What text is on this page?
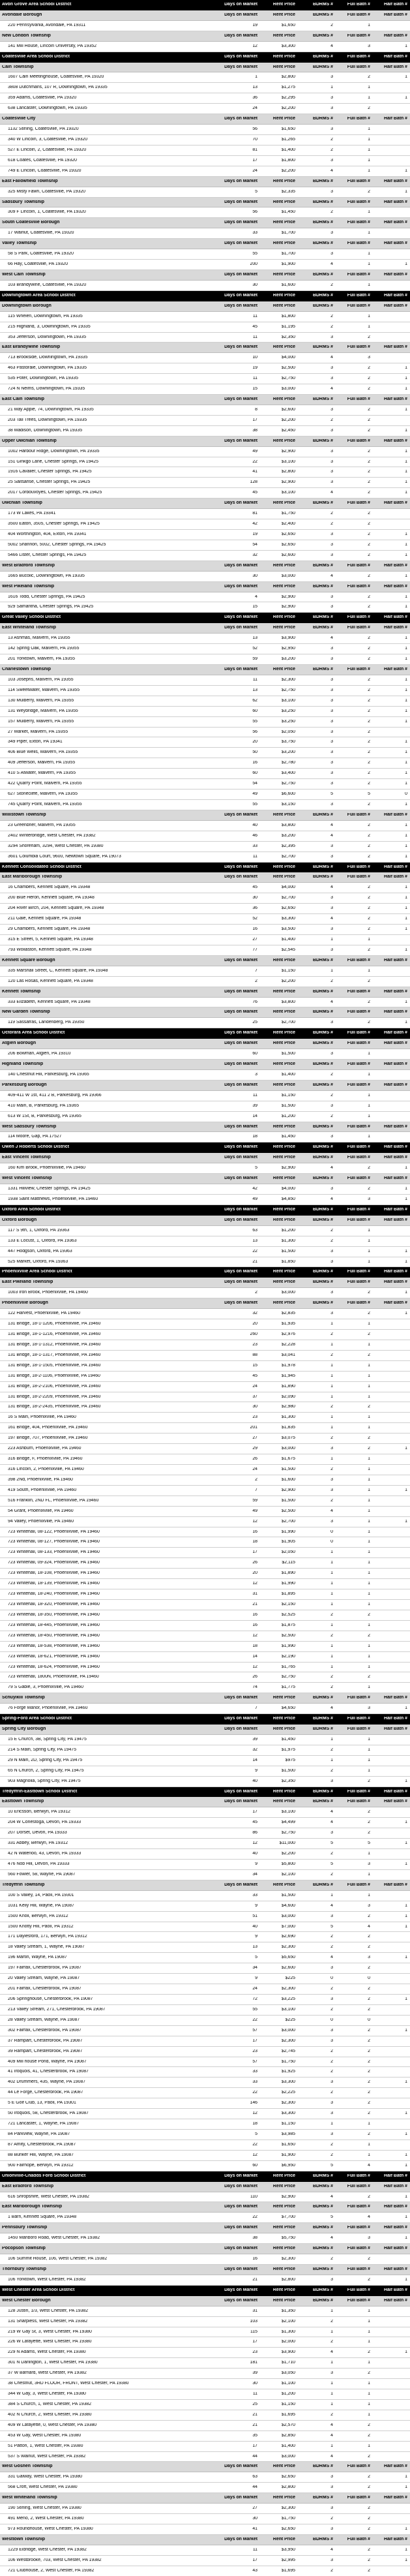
Avon Grove Area School District	Days on Market	Rent Price	BDRMS #	Full Bath #	Half Bath #
Avondale Borough	Days on Market	Rent Price	BDRMS #	Full Bath #	Half Bath #
220 Pennsylvania, Avondale, PA 19311	19	$1,650	2	1
New London Township	Days on Market	Rent Price	BDRMS #	Full Bath #	Half Bath #
141 Mill House, Lincoln University, PA 19352	12	$3,300	4	3	1
Coatesville Area School District	Days on Market	Rent Price	BDRMS #	Full Bath #	Half Bath #
Caln Township	Days on Market	Rent Price	BDRMS #	Full Bath #	Half Bath #
1607 Caln Meetinghouse, Coatesville, PA 19320	1	$2,800	3	2	1
3808 Dutchmans, 107 R, Downingtown, PA 19335	13	$1,275	1	1
359 Adams, Coatesville, PA 19320	36	$2,295	3	1	1
638 Lancaster, Downingtown, PA 19335	24	$2,200	3	2
Coatesville City	Days on Market	Rent Price	BDRMS #	Full Bath #	Half Bath #
1132 Stirling, Coatesville, PA 19320	56	$1,650	3	1
340 W Lincoln, 3, Coatesville, PA 19320	70	$1,265	2	1
527 E Lincoln, 2, Coatesville, PA 19320	81	$1,400	2	1
618 Coates, Coatesville, PA 19320	17	$1,800	3	1
749 E Lincoln, Coatesville, PA 19320	24	$2,200	4	1	1
East Fallowfield Township	Days on Market	Rent Price	BDRMS #	Full Bath #	Half Bath #
325 Misty Fawn, Coatesville, PA 19320	5	$2,335	3	2	1
Sadsbury Township	Days on Market	Rent Price	BDRMS #	Full Bath #	Half Bath #
309 F Lincoln, 1, Coatesville, PA 19320	56	$1,450	2	1
South Coatesville Borough	Days on Market	Rent Price	BDRMS #	Full Bath #	Half Bath #
17 Walnut, Coatesville, PA 19320	33	$1,700	3	1
Valley Township	Days on Market	Rent Price	BDRMS #	Full Bath #	Half Bath #
58 S Park, Coatesville, PA 19320	55	$1,700	3	1
66 Hay, Coatesville, PA 19320	200	$1,900	4	1	1
West Caln Township	Days on Market	Rent Price	BDRMS #	Full Bath #	Half Bath #
103 Brandywine, Coatesville, PA 19320	30	$1,600	2	1
Downingtown Area School District	Days on Market	Rent Price	BDRMS #	Full Bath #	Half Bath #
Downingtown Borough	Days on Market	Rent Price	BDRMS #	Full Bath #	Half Bath #
115 Whelen, Downingtown, PA 19335	11	$1,800	2	1
215 Highland, 3, Downingtown, PA 19335	45	$1,195	2	1
353 Jefferson, Downingtown, PA 19335	11	$2,350	3	2
East Brandywine Township	Days on Market	Rent Price	BDRMS #	Full Bath #	Half Bath #
713 Brookside, Downingtown, PA 19335	10	$4,000	4	3
463 Pastorale, Downingtown, PA 19335	19	$2,500	3	2	1
535 Poter, Downingtown, PA 19335	11	$2,750	3	2	1
724 N Nelms, Downingtown, PA 19335	15	$3,000	4	2	1
East Caln Township	Days on Market	Rent Price	BDRMS #	Full Bath #	Half Bath #
21 May Apple, 74, Downingtown, PA 19335	8	$2,600	3	2	1
203 Tall Trees, Downingtown, PA 19335	17	$2,200	2	2
38 Madison, Downingtown, PA 19335	38	$2,450	3	2	1
Upper Uwchlan Township	Days on Market	Rent Price	BDRMS #	Full Bath #	Half Bath #
1002 Harbour Ridge, Downingtown, PA 19335	49	$2,900	3	2	1
151 Ginkgo Lane, Chester Springs, PA 19425	22	$3,100	3	2	1
1916 Cavalier, Chester Springs, PA 19425	41	$2,800	3	2	1
25 Saltsahse, Chester Springs, PA 19425	128	$2,900	3	2	1
2017 Corbouvoyes, Chester Springs, PA 19425	45	$3,100	4	2	1
Uwchlan Township	Days on Market	Rent Price	BDRMS #	Full Bath #	Half Bath #
173 W Lakes, PA 19341	81	$1,750	2	2
3500 Eaton, 3505, Chester Springs, PA 19425	42	$2,400	2	2
404 Worthington, 404, Exton, PA 19341	19	$2,650	3	2	1
5002 Shannon, 5002, Chester Springs, PA 19425	54	$2,650	3	2	1
5466 Lister, Chester Springs, PA 19425	32	$2,600	3	2	1
West Bradford Township	Days on Market	Rent Price	BDRMS #	Full Bath #	Half Bath #
1665 Bucolic, Downingtown, PA 19335	30	$3,000	4	2	1
West Pikeland Township	Days on Market	Rent Price	BDRMS #	Full Bath #	Half Bath #
1616 Todd, Chester Springs, PA 19425	4	$2,900	3	2	1
929 Samantha, Chester Springs, PA 19425	15	$2,900	3	2	1
Great Valley School District	Days on Market	Rent Price	BDRMS #	Full Bath #	Half Bath #
East Whiteland Township	Days on Market	Rent Price	BDRMS #	Full Bath #	Half Bath #
13 Ashmas, Malvern, PA 19355	13	$3,900	4	2	1
142 Spring Oak, Malvern, PA 19355	52	$2,950	3	2	1
201 Yorktown, Malvern, PA 19355	59	$3,200	3	2	1
Charlestown Township	Days on Market	Rent Price	BDRMS #	Full Bath #	Half Bath #
103 Josephs, Malvern, PA 19355	11	$2,300	3	2	1
114 Sweetwater, Malvern, PA 19355	13	$2,750	3	2	1
130 Mulberry, Malvern, PA 19355	62	$3,100	3	2	1
131 Weybridge, Malvern, PA 19355	60	$3,250	3	2	1
157 Mulberry, Malvern, PA 19355	55	$3,250	3	2	1
27 Market, Malvern, PA 19355	56	$2,050	3	2
349 Piper, Exton, PA 19341	20	$3,750	3	2	1
406 Blue Wells, Malvern, PA 19355	50	$3,200	3	2	1
409 Jefferson, Malvern, PA 19355	16	$2,780	3	2	1
410 S Atwater, Malvern, PA 19355	60	$3,400	3	2	1
422 Quarry Point, Malvern, PA 19355	54	$2,750	3	2	1
627 Stonecliffe, Malvern, PA 19355	49	$6,600	5	5	0
745 Quarry Point, Malvern, PA 19355	55	$3,150	3	2	1
Willistown Township	Days on Market	Rent Price	BDRMS #	Full Bath #	Half Bath #
23 Greenbrier, Malvern, PA 19355	40	$3,800	4	2	1
2402 Winterbridge, West Chester, PA 19382	46	$3,200	4	2	1
3294 Shoreham, 3294, West Chester, PA 19380	33	$2,395	3	2	1
3601 Columbia Court, 9600, Newtown Square, PA 19073	11	$2,700	3	2	1
Kennett Consolidated School District	Days on Market	Rent Price	BDRMS #	Full Bath #	Half Bath #
East Marlborough Township	Days on Market	Rent Price	BDRMS #	Full Bath #	Half Bath #
16 Chambers, Kennett Square, PA 19348	45	$4,000	4	2	1
200 Blue Heron, Kennett Square, PA 19348	30	$2,700	3	2	1
204 River Birch, 204, Kennett Square, PA 19348	36	$2,650	3	2	1
211 Gale, Kennett Square, PA 19348	52	$3,300	4	2	1
29 Chambers, Kennett Square, PA 19348	16	$3,500	3	2	1
315 E Street, 5, Kennett Square, PA 19348	27	$1,400	1	1
793 Wollaston, Kennett Square, PA 19348	77	$2,545	3	2	1
Kennett Square Borough	Days on Market	Rent Price	BDRMS #	Full Bath #	Half Bath #
335 Marshall Street, C, Kennett Square, PA 19348	7	$1,150	1	1
120 Las Rosas, Kennett Square, PA 19348	2	$2,200	2	2
Kennett Township	Days on Market	Rent Price	BDRMS #	Full Bath #	Half Bath #
333 Elizabeth, Kennett Square, PA 19348	76	$3,800	4	2	1
New Garden Township	Days on Market	Rent Price	BDRMS #	Full Bath #	Half Bath #
119 Sassafras, Landenberg, PA 19350	25	$2,700	3	2	1
Octorara Area School District	Days on Market	Rent Price	BDRMS #	Full Bath #	Half Bath #
Atglen Borough	Days on Market	Rent Price	BDRMS #	Full Bath #	Half Bath #
206 Bowman, Atglen, PA 19310	60	$1,500	3	1
Highland Township	Days on Market	Rent Price	BDRMS #	Full Bath #	Half Bath #
140 Chestnut Hill, Parkesburg, PA 19365	3	$1,400	2	1
Parkesburg Borough	Days on Market	Rent Price	BDRMS #	Full Bath #	Half Bath #
409-411 W 1st, 411 2 B, Parkesburg, PA 19366	11	$1,150	2	1
410 Main, B, Parkesburg, PA 19365	39	$1,500	3	1
613 W 1St, B, Parkesburg, PA 19365	14	$1,200	2	1
West Sadsbury Township	Days on Market	Rent Price	BDRMS #	Full Bath #	Half Bath #
114 Moore, Gap, PA 17527	18	$1,450	3	1
Owen J Roberts School District	Days on Market	Rent Price	BDRMS #	Full Bath #	Half Bath #
East Vincent Township	Days on Market	Rent Price	BDRMS #	Full Bath #	Half Bath #
160 Kim Brook, Phoenixville, PA 19460	5	$2,900	4	2	1
West Vincent Township	Days on Market	Rent Price	BDRMS #	Full Bath #	Half Bath #
1331 Hillview, Chester Springs, PA 19425	42	$4,000	3	2	1
1938 Saint Matthews, Phoenixville, PA 19460	49	$4,850	4	3	1
Oxford Area School District	Days on Market	Rent Price	BDRMS #	Full Bath #	Half Bath #
Oxford Borough	Days on Market	Rent Price	BDRMS #	Full Bath #	Half Bath #
117 S 9th, 1, Oxford, PA 19363	63	$1,200	2	1
133 E Locust, 1, Oxford, PA 19363	13	$1,300	2	1
447 Hodgson, Oxford, PA 19363	22	$1,500	3	1	1
525 Market, Oxford, PA 19363	21	$1,850	3	1	1
Phoenixville Area School District	Days on Market	Rent Price	BDRMS #	Full Bath #	Half Bath #
East Pikeland Township	Days on Market	Rent Price	BDRMS #	Full Bath #	Half Bath #
1003 Iron Brook, Phoenixville, PA 19460	2	$3,000	3	2	1
Phoenixville Borough	Days on Market	Rent Price	BDRMS #	Full Bath #	Half Bath #
122 Harvest, Phoenixville, PA 19460	32	$2,835	3	2	1
131 Bridge, 18-1-1206, Phoenixville, PA 19460	20	$1,935	1	1
131 Bridge, 18-1-1216, Phoenixville, PA 19460	260	$2,976	2	2
131 Bridge, 18-1-1312, Phoenixville, PA 19460	23	$2,228	1	1
131 Bridge, 18-1-1317, Phoenixville, PA 19460	88	$3,041	2	2
131 Bridge, 18-1-1505, Phoenixville, PA 19460	15	$1,978	1	1
131 Bridge, 18-2-1106, Phoenixville, PA 19460	45	$1,945	1	1
131 Bridge, 18-2-2106, Phoenixville, PA 19460	24	$1,890	1	1
131 Bridge, 18-2-2209, Phoenixville, PA 19460	37	$2,090	1	1
131 Bridge, 18-2-2435, Phoenixville, PA 19460	30	$2,980	2	2
16 S Main, Phoenixville, PA 19460	23	$1,300	1	1
161 Bridge, 404, Phoenixville, PA 19460	201	$1,835	1	1
197 Bridge, 707, Phoenixville, PA 19460	27	$3,075	2	2
223 Ashburn, Phoenixville, PA 19460	29	$3,000	3	2	1
316 Bridge, F, Phoenixville, PA 19460	26	$1,675	1	1
316 Lincoln, 2, Phoenixville, PA 19460	24	$1,500	2	1
398 2Nd, Phoenixville, PA 19460	2	$1,600	3	1
419 South, Phoenixville, PA 19460	7	$2,900	3	1	1
516 Franklin, 2ND FL, Phoenixville, PA 19460	59	$1,500	2	1
54 Grant, Phoenixville, PA 19460	49	$2,500	4	1
94 Valley, Phoenixville, PA 19460	12	$2,700	3	1	1
723 Whitehall, 08-122, Phoenixville, PA 19460	16	$1,990	0	1
723 Whitehall, 08-127, Phoenixville, PA 19460	18	$1,905	0	1
723 Whitehall, 08-133, Phoenixville, PA 19460	17	$2,050	1	1
723 Whitehall, 09-324, Phoenixville, PA 19460	26	$2,115	1	1
723 Whitehall, 18-108, Phoenixville, PA 19460	20	$1,890	1	1
723 Whitehall, 18-139, Phoenixville, PA 19460	12	$1,990	1	1
723 Whitehall, 18-240, Phoenixville, PA 19460	31	$1,895	1	1
723 Whitehall, 18-320, Phoenixville, PA 19460	21	$2,150	1	1
723 Whitehall, 18-350, Phoenixville, PA 19460	16	$2,525	2	2
723 Whitehall, 18-445, Phoenixville, PA 19460	16	$1,875	1	1
723 Whitehall, 18-450, Phoenixville, PA 19460	12	$2,500	2	2
723 Whitehall, 18-538, Phoenixville, PA 19460	18	$1,990	1	1
723 Whitehall, 18-621, Phoenixville, PA 19460	14	$2,190	1	1
723 Whitehall, 18-624, Phoenixville, PA 19460	12	$1,765	1	1
723 Whitehall, 1800N, Phoenixville, PA 19460	26	$2,750	2	2
79 S Gable, 3, Phoenixville, PA 19460	74	$1,775	2	1
Schuylkill Township	Days on Market	Rent Price	BDRMS #	Full Bath #	Half Bath #
76 Forge Manor, Phoenixville, PA 19460	7	$4,650	4	3	1
Spring-Ford Area School District	Days on Market	Rent Price	BDRMS #	Full Bath #	Half Bath #
Spring City Borough	Days on Market	Rent Price	BDRMS #	Full Bath #	Half Bath #
15 E Church, 3B, Spring City, PA 19475	39	$1,450	1	1
214 S Main, Spring City, PA 19475	32	$1,975	2	1
29 N Main, 2D, Spring City, PA 19475	14	$975	1	1
65 N Church, 2, Spring City, PA 19475	9	$1,500	2	1
903 Magnolia, Spring City, PA 19475	40	$2,350	3	2	1
Tredyffrin-Easttown School District	Days on Market	Rent Price	BDRMS #	Full Bath #	Half Bath #
Easttown Township	Days on Market	Rent Price	BDRMS #	Full Bath #	Half Bath #
10 Ericsson, Berwyn, PA 19312	17	$3,100	4	2
204 W Conestoga, Devon, PA 19333	45	$4,499	4	2	1
207 Dorset, Devon, PA 19333	86	$2,750	3	2
331 Abbey, Berwyn, PA 19312	12	$11,000	5	5	1
42 N Waterloo, 43, Devon, PA 19333	40	$2,200	2	1
476 Nob Hill, Devon, PA 19333	9	$5,800	5	3	1
560 Fowler, 58, Wayne, PA 19087	34	$2,100	2	1
Tredyffrin Township	Days on Market	Rent Price	BDRMS #	Full Bath #	Half Bath #
100 S Valley, 14, Paoli, PA 19301	33	$1,500	1	1
1031 Kelly Hill, Wayne, PA 19087	9	$4,600	4	3	1
1500 Knoll, Berwyn, PA 19312	51	$3,000	3	2	1
1500 Knotty Hill, Paoli, PA 19312	40	$7,000	5	4	1
171 Daylesford, 171, Berwyn, PA 19312	9	$2,690	2	2
18 Valley Stream, 1, Wayne, PA 19087	13	$2,300	2	2
196 Martin, Wayne, PA 19087	5	$5,650	4	3	1
197 Fairfax, Chesterbrook, PA 19087	34	$2,600	3	2
20 Valley Stream, Wayne, PA 19087	9	$225	0	0
201 Fairfax, Chesterbrook, PA 19087	24	$2,300	2	2
206 Springhouse, Chesterbrook, PA 19087	72	$3,225	3	2	1
213 Valley Stream, 271, Chesterbrook, PA 19087	55	$3,100	2	2
28 Valley Stream, Wayne, PA 19087	22	$225	0	0
302 Fairfax, Chesterbrook, PA 19087	57	$3,000	3	2	1
37 Rampart, Chesterbrook, PA 19087	17	$2,300	3	2
39 Rampart, Chesterbrook, PA 19087	23	$2,745	2	2
409 Mill house Pond, Wayne, PA 19087	57	$1,750	2	2
41 Iroquois, 41, Chesterbrook, PA 19087	33	$1,925	2	2
402 Drummers, 435, Wayne, PA 19087	33	$3,300	3	2	1
44 Le Forge, Chesterbrook, PA 19087	22	$2,225	2	2
5 E Golf Club, 13, Paoli, PA 19301	146	$2,300	3	2
50 Iroquois, 58, Chesterbrook, PA 19087	12	$3,300	3	2	1
721 Lancaster, 1, Wayne, PA 19087	18	$1,150	1	1
84 Parkview, Wayne, PA 19087	5	$3,985	3	2	1
87 Amity, Chesterbrook, PA 19087	22	$1,650	2	1
88 Bunker Hill, Wayne, PA 19087	12	$1,900	2	1	1
900 Fairhope, Berwyn, PA 19312	60	$6,950	5	4	1
Unionville-Chadds Ford School District	Days on Market	Rent Price	BDRMS #	Full Bath #	Half Bath #
East Bradford Township	Days on Market	Rent Price	BDRMS #	Full Bath #	Half Bath #
616 Shropshire, West Chester, PA 19382	110	$2,900	4	2	1
East Marlborough Township	Days on Market	Rent Price	BDRMS #	Full Bath #	Half Bath #
1 Barn, Kennett Square, PA 19348	22	$7,700	5	4	1
Pennsbury Township	Days on Market	Rent Price	BDRMS #	Full Bath #	Half Bath #
1450 Marlboro Road, West Chester, PA 19382	38	$5,750	4	3	1
Pocopson Township	Days on Market	Rent Price	BDRMS #	Full Bath #	Half Bath #
106 Summit House, 106, West Chester, PA 19382	16	$2,300	2	2
Thornbury Township	Days on Market	Rent Price	BDRMS #	Full Bath #	Half Bath #
106 Yorktown, West Chester, PA 19382	21	$2,800	3	2	1
West Chester Area School District	Days on Market	Rent Price	BDRMS #	Full Bath #	Half Bath #
West Chester Borough	Days on Market	Rent Price	BDRMS #	Full Bath #	Half Bath #
128 Justin, 1/3, West Chester, PA 19382	31	$1,350	1	1
131 Sharpless, West Chester, PA 19382	103	$2,100	2	1
219 W Gay St, 3, West Chester, PA 19380	115	$1,300	1	1
226 W Lafayette, West Chester, PA 19380	17	$2,000	2	1
229 N Adams, West Chester, PA 19380	23	$3,900	4	2	1
301 N Darlington, 1, West Chester, PA 19380	181	$1,710	1	1
37 W Barnard, West Chester, PA 19382	39	$3,050	3	2
38 Chestnut, 3RD FLOOR, FRONT, West Chester, PA 19380	30	$1,100	1	1
344 W Gay, 3, West Chester, PA 19380	11	$1,200	1	1
384 S Church, 1, West Chester, PA 19382	25	$1,150	1	1
402 N Church, 2, West Chester, PA 19380	21	$1,695	2	1
409 W Lafayette, 0, West Chester, PA 19380	21	$2,570	4	2
453 W Gay, West Chester, PA 19380	35	$2,850	4	2
51 Patton, 1, West Chester, PA 19380	17	$1,400	1	1
537 S Walnut, West Chester, PA 19382	44	$3,000	4	2
West Goshen Township	Days on Market	Rent Price	BDRMS #	Full Bath #	Half Bath #
331 Galway, West Chester, PA 19380	63	$2,650	3	2	1
568 Croft, West Chester, PA 19380	44	$2,800	3	2	1
West Whiteland Township	Days on Market	Rent Price	BDRMS #	Full Bath #	Half Bath #
190 Stirling, West Chester, PA 19380	27	$2,300	3	2
491 Meno, 2, West Chester, PA 19380	30	$1,750	2	2
973 Roundhouse, West Chester, PA 19380	41	$2,650	3	2	1
Westtown Township	Days on Market	Rent Price	BDRMS #	Full Bath #	Half Bath #
1229 Eldridge, West Chester, PA 19382	11	$3,950	4	2	1
106 Westbrooke, 703, West Chester, PA 19382	17	$2,995	3	2	1
721 Clubhouse, 2, West Chester, PA 19382	43	$1,695	2	2
